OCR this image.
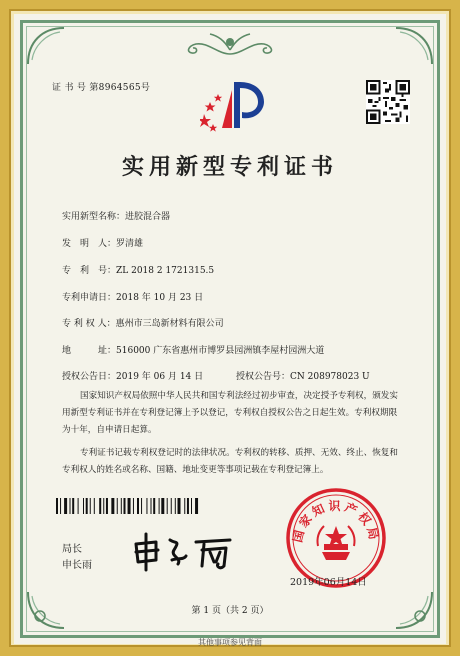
证 书 号 第8964565号
实用新型专利证书
实用新型名称：进胶混合器
发　明　人：罗清雄
专　利　号：ZL 2018 2 1721315.5
专利申请日：2018 年 10 月 23 日
专 利 权 人：惠州市三岛新材料有限公司
地　　　址：516000 广东省惠州市博罗县园洲镇李屋村园洲大道
授权公告日：2019 年 06 月 14 日	授权公告号：CN 208978023 U

国家知识产权局依照中华人民共和国专利法经过初步审查，决定授予专利权，颁发实用新型专利证书并在专利登记簿上予以登记，专利权自授权公告之日起生效。专利权期限为十年，自申请日起算。

专利证书记载专利权登记时的法律状况。专利权的转移、质押、无效、终止、恢复和专利权人的姓名或名称、国籍、地址变更等事项记载在专利登记簿上。

局长
申长雨
国家知识产权局
2019年06月14日
第 1 页（共 2 页）
其他事项参见背面
